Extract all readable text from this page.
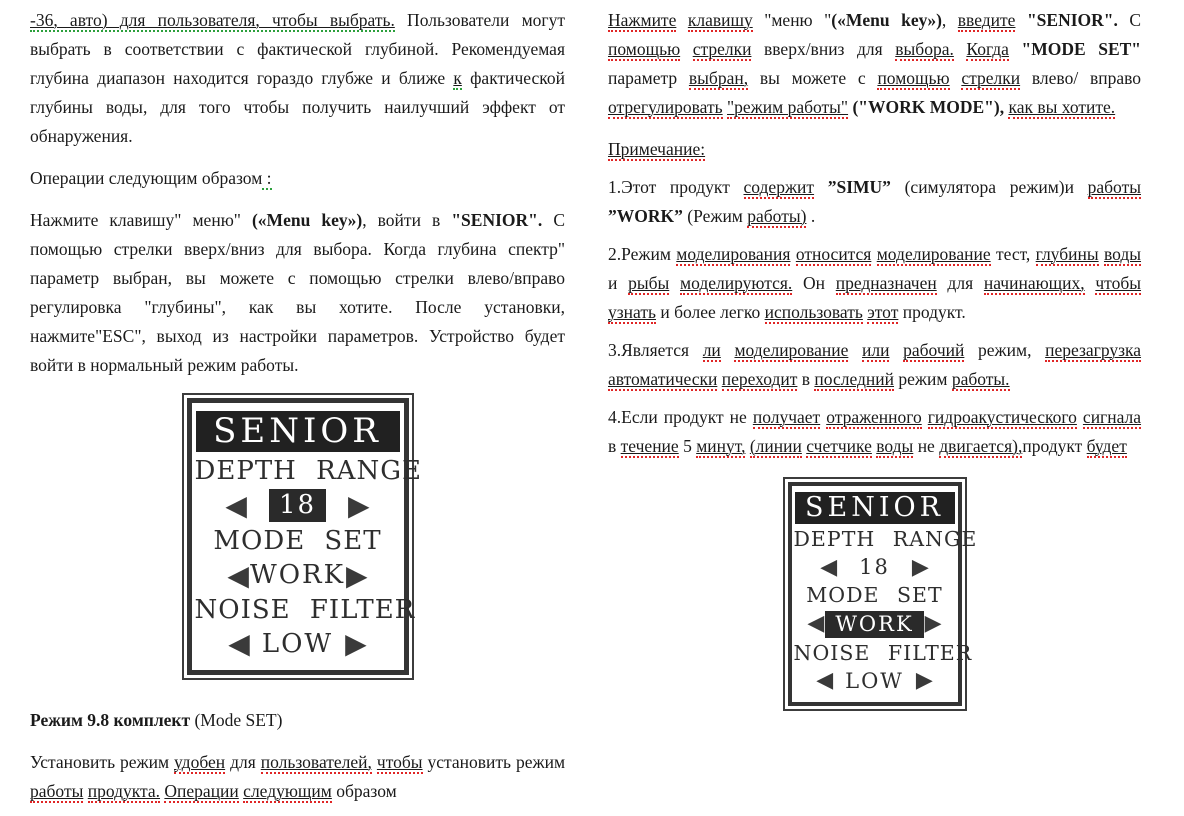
-36, авто) для пользователя, чтобы выбрать. Пользователи могут выбрать в соответствии с фактической глубиной. Рекомендуемая глубина диапазон находится гораздо глубже и ближе к фактической глубины воды, для того чтобы получить наилучший эффект от обнаружения.

Операции следующим образом :

Нажмите клавишу" меню" («Menu key»), войти в "SENIOR". С помощью стрелки вверх/вниз для выбора. Когда глубина спектр" параметр выбран, вы можете с помощью стрелки влево/вправо регулировка "глубины", как вы хотите. После установки, нажмите"ESC", выход из настройки параметров. Устройство будет войти в нормальный режим работы.

SENIOR
DEPTH RANGE
◀	18	▶
MODE SET
◀ WORK ▶
NOISE FILTER
◀ LOW ▶

Режим 9.8 комплект (Mode SET)

Установить режим удобен для пользователей, чтобы установить режим работы продукта. Операции следующим образом

Нажмите клавишу "меню "(«Menu key»), введите "SENIOR". С помощью стрелки вверх/вниз для выбора. Когда "MODE SET" параметр выбран, вы можете с помощью стрелки влево/ вправо отрегулировать "режим работы" ("WORK MODE"), как вы хотите.

Примечание:

1.Этот продукт содержит ”SIMU” (симулятора режим)и работы ”WORK” (Режим работы) .

2.Режим моделирования относится моделирование тест, глубины воды и рыбы моделируются. Он предназначен для начинающих, чтобы узнать и более легко использовать этот продукт.

3.Является ли моделирование или рабочий режим, перезагрузка автоматически переходит в последний режим работы.

4.Если продукт не получает отраженного гидроакустического сигнала в течение 5 минут, (линии счетчике воды не двигается),продукт будет

SENIOR
DEPTH RANGE
◀ 18 ▶
MODE SET
◀ WORK ▶
NOISE FILTER
◀ LOW ▶
